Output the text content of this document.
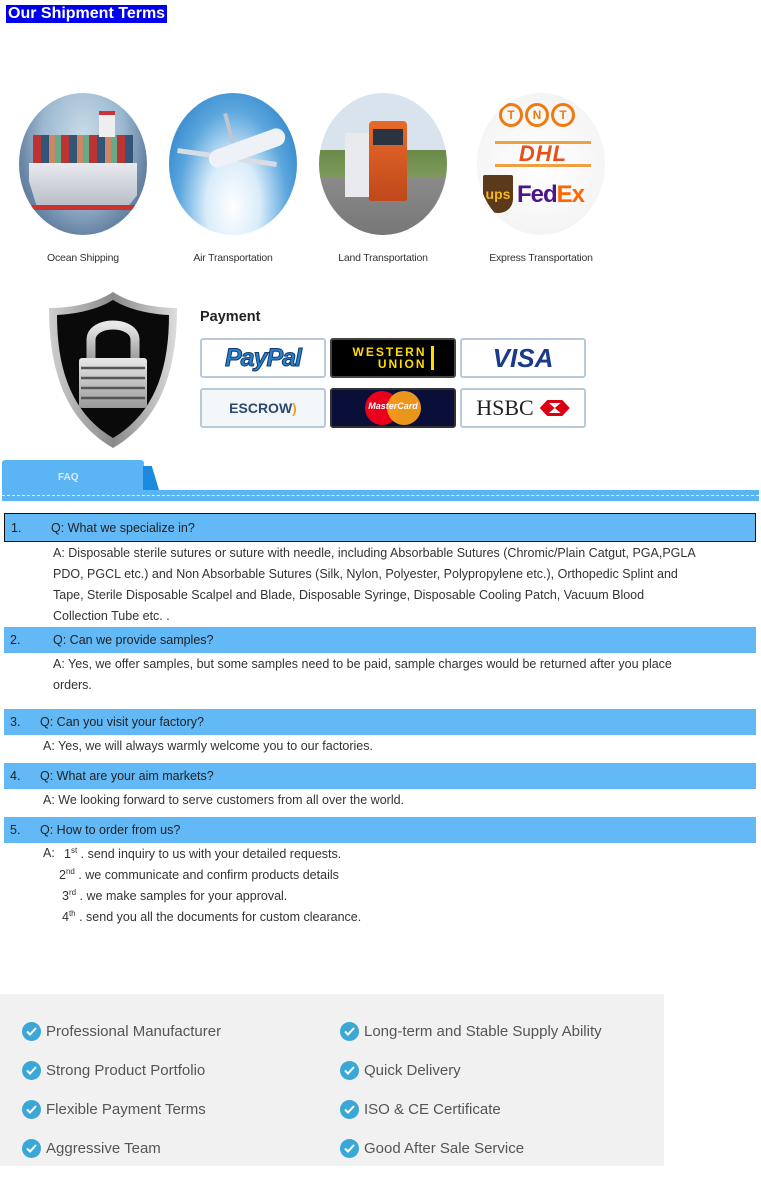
Our Shipment Terms
Ocean Shipping	Air Transportation	Land Transportation
T	N	T
DHL
ups FedEx
Express Transportation
Payment
PayPal	WESTERN
UNION	VISA
ESCROW)	MasterCard	HSBC
FAQ
1. Q: What we specialize in?
A: Disposable sterile sutures or suture with needle, including Absorbable Sutures (Chromic/Plain Catgut, PGA,PGLA
PDO, PGCL etc.) and Non Absorbable Sutures (Silk, Nylon, Polyester, Polypropylene etc.), Orthopedic Splint and
Tape, Sterile Disposable Scalpel and Blade, Disposable Syringe, Disposable Cooling Patch, Vacuum Blood
Collection Tube etc. .
2.	Q: Can we provide samples?
A: Yes, we offer samples, but some samples need to be paid, sample charges would be returned after you place
orders.
3. Q: Can you visit your factory?
A: Yes, we will always warmly welcome you to our factories.
4. Q: What are your aim markets?
A: We looking forward to serve customers from all over the world.
5. Q: How to order from us?
A: 1st . send inquiry to us with your detailed requests.
2nd . we communicate and confirm products details
3rd . we make samples for your approval.
4th . send you all the documents for custom clearance.
Professional Manufacturer
Strong Product Portfolio
Flexible Payment Terms
Aggressive Team
Long-term and Stable Supply Ability
Quick Delivery
ISO & CE Certificate
Good After Sale Service
